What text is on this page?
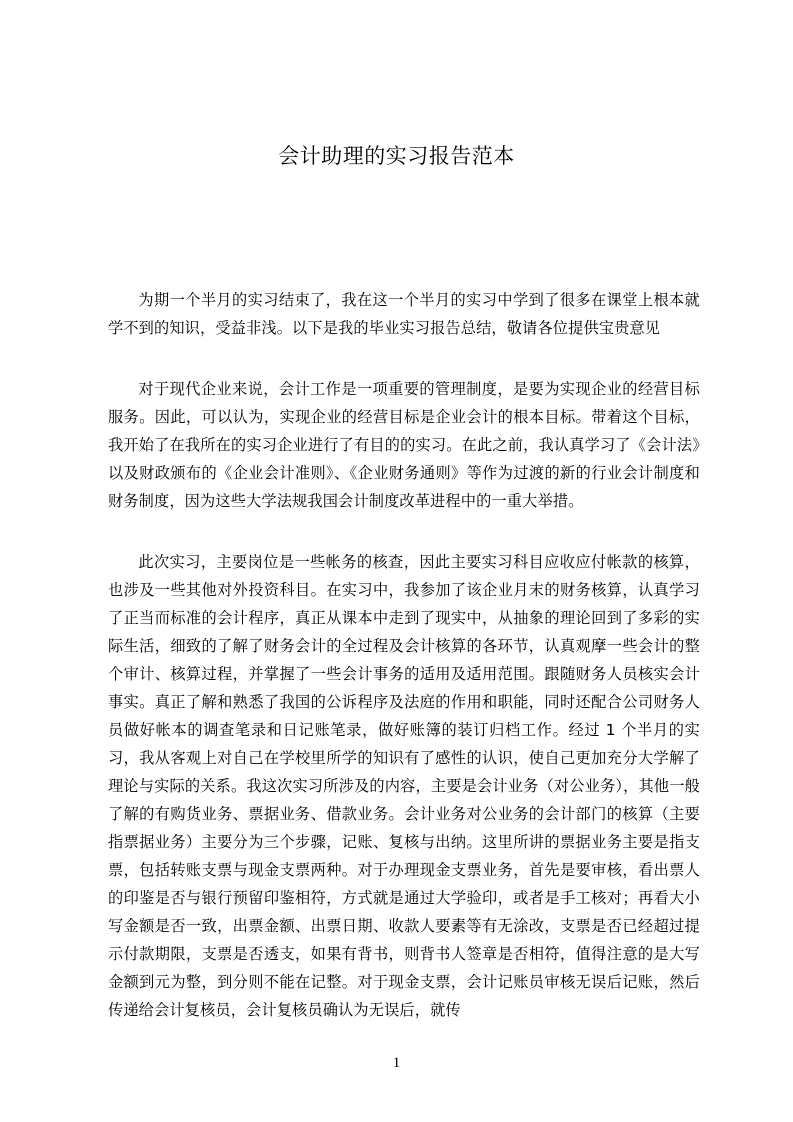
会计助理的实习报告范本

为期一个半月的实习结束了，我在这一个半月的实习中学到了很多在课堂上根本就学不到的知识，受益非浅。以下是我的毕业实习报告总结，敬请各位提供宝贵意见

对于现代企业来说，会计工作是一项重要的管理制度，是要为实现企业的经营目标服务。因此，可以认为，实现企业的经营目标是企业会计的根本目标。带着这个目标，我开始了在我所在的实习企业进行了有目的的实习。在此之前，我认真学习了《会计法》以及财政颁布的《企业会计准则》、《企业财务通则》等作为过渡的新的行业会计制度和财务制度，因为这些大学法规我国会计制度改革进程中的一重大举措。

此次实习，主要岗位是一些帐务的核查，因此主要实习科目应收应付帐款的核算，也涉及一些其他对外投资科目。在实习中，我参加了该企业月末的财务核算，认真学习了正当而标准的会计程序，真正从课本中走到了现实中，从抽象的理论回到了多彩的实际生活，细致的了解了财务会计的全过程及会计核算的各环节，认真观摩一些会计的整个审计、核算过程，并掌握了一些会计事务的适用及适用范围。跟随财务人员核实会计事实。真正了解和熟悉了我国的公诉程序及法庭的作用和职能，同时还配合公司财务人员做好帐本的调查笔录和日记账笔录，做好账簿的装订归档工作。经过 1 个半月的实习，我从客观上对自己在学校里所学的知识有了感性的认识，使自己更加充分大学解了理论与实际的关系。我这次实习所涉及的内容，主要是会计业务（对公业务），其他一般了解的有购货业务、票据业务、借款业务。会计业务对公业务的会计部门的核算（主要指票据业务）主要分为三个步骤，记账、复核与出纳。这里所讲的票据业务主要是指支票，包括转账支票与现金支票两种。对于办理现金支票业务，首先是要审核，看出票人的印鉴是否与银行预留印鉴相符，方式就是通过大学验印，或者是手工核对；再看大小写金额是否一致，出票金额、出票日期、收款人要素等有无涂改，支票是否已经超过提示付款期限，支票是否透支，如果有背书，则背书人签章是否相符，值得注意的是大写金额到元为整，到分则不能在记整。对于现金支票，会计记账员审核无误后记账，然后传递给会计复核员，会计复核员确认为无误后，就传

1
